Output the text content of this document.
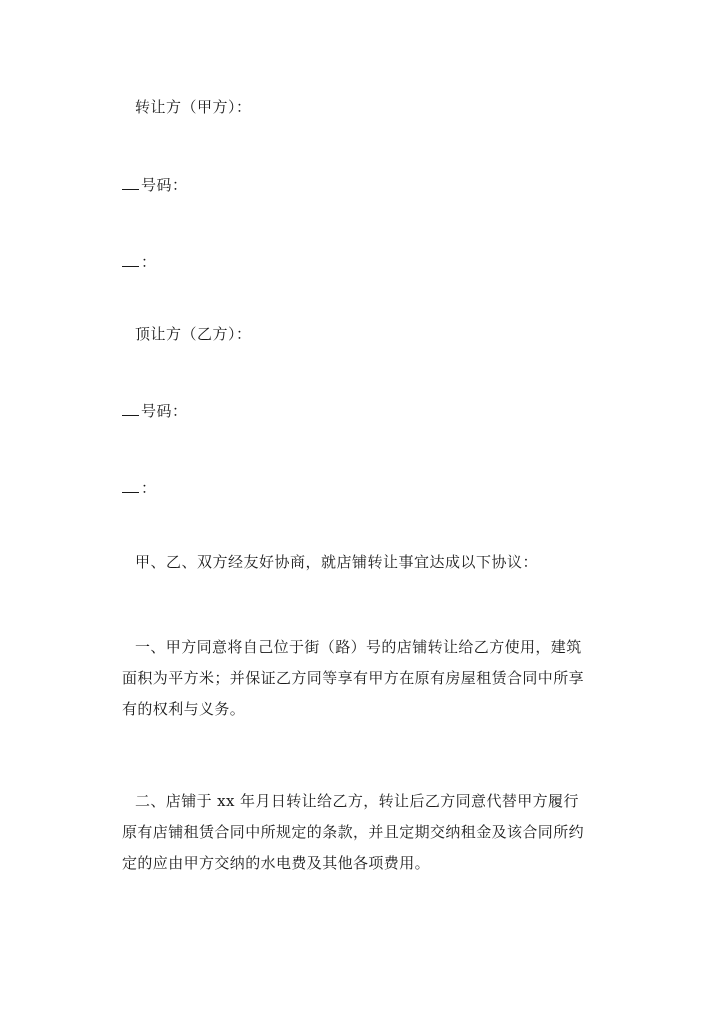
转让方（甲方）：
号码：
：
顶让方（乙方）：
号码：
：
甲、乙、双方经友好协商，就店铺转让事宜达成以下协议：
一、甲方同意将自己位于街（路）号的店铺转让给乙方使用，建筑
面积为平方米；并保证乙方同等享有甲方在原有房屋租赁合同中所享
有的权利与义务。
二、店铺于 xx 年月日转让给乙方，转让后乙方同意代替甲方履行
原有店铺租赁合同中所规定的条款，并且定期交纳租金及该合同所约
定的应由甲方交纳的水电费及其他各项费用。
